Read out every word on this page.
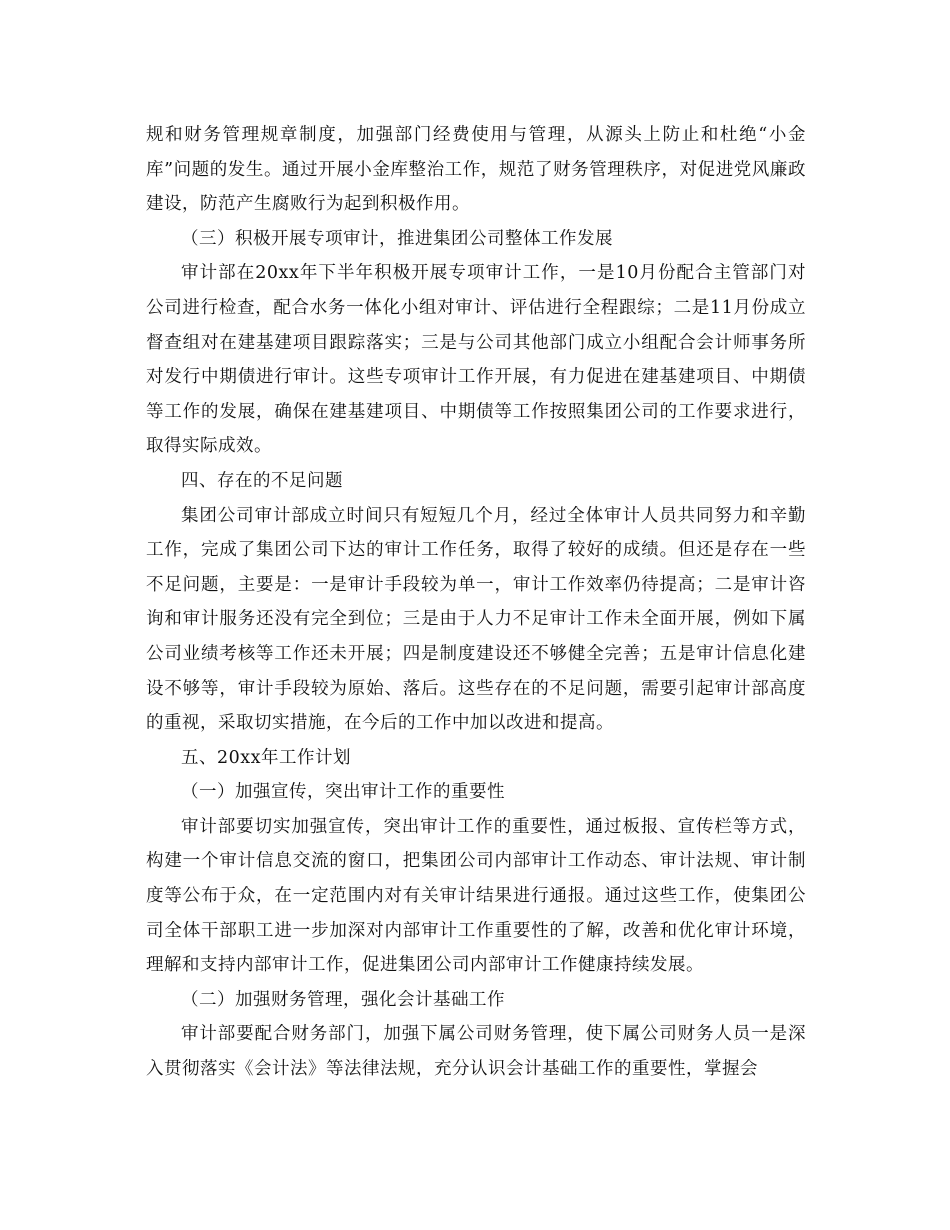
规和财务管理规章制度，加强部门经费使用与管理，从源头上防止和杜绝“小金库”问题的发生。通过开展小金库整治工作，规范了财务管理秩序，对促进党风廉政建设，防范产生腐败行为起到积极作用。

（三）积极开展专项审计，推进集团公司整体工作发展

审计部在20xx年下半年积极开展专项审计工作，一是10月份配合主管部门对公司进行检查，配合水务一体化小组对审计、评估进行全程跟综；二是11月份成立督查组对在建基建项目跟踪落实；三是与公司其他部门成立小组配合会计师事务所对发行中期债进行审计。这些专项审计工作开展，有力促进在建基建项目、中期债等工作的发展，确保在建基建项目、中期债等工作按照集团公司的工作要求进行，取得实际成效。

四、存在的不足问题

集团公司审计部成立时间只有短短几个月，经过全体审计人员共同努力和辛勤工作，完成了集团公司下达的审计工作任务，取得了较好的成绩。但还是存在一些不足问题，主要是：一是审计手段较为单一，审计工作效率仍待提高；二是审计咨询和审计服务还没有完全到位；三是由于人力不足审计工作未全面开展，例如下属公司业绩考核等工作还未开展；四是制度建设还不够健全完善；五是审计信息化建设不够等，审计手段较为原始、落后。这些存在的不足问题，需要引起审计部高度的重视，采取切实措施，在今后的工作中加以改进和提高。

五、20xx年工作计划

（一）加强宣传，突出审计工作的重要性

审计部要切实加强宣传，突出审计工作的重要性，通过板报、宣传栏等方式，构建一个审计信息交流的窗口，把集团公司内部审计工作动态、审计法规、审计制度等公布于众，在一定范围内对有关审计结果进行通报。通过这些工作，使集团公司全体干部职工进一步加深对内部审计工作重要性的了解，改善和优化审计环境，理解和支持内部审计工作，促进集团公司内部审计工作健康持续发展。

（二）加强财务管理，强化会计基础工作

审计部要配合财务部门，加强下属公司财务管理，使下属公司财务人员一是深入贯彻落实《会计法》等法律法规，充分认识会计基础工作的重要性，掌握会
